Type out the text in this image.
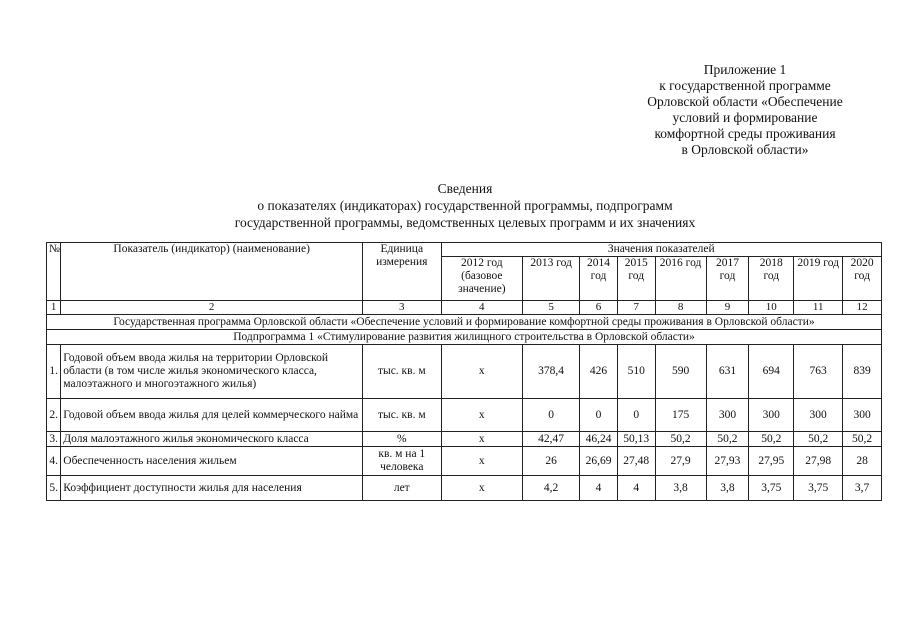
Приложение 1
к государственной программе
Орловской области «Обеспечение
условий и формирование
комфортной среды проживания
в Орловской области»
Сведения
о показателях (индикаторах) государственной программы, подпрограмм
государственной программы, ведомственных целевых программ и их значениях
№	Показатель (индикатор) (наименование)	Единица измерения	Значения показателей								
			2012 год (базовое значение)	2013 год	2014 год	2015 год	2016 год	2017 год	2018 год	2019 год	2020 год
1	2	3	4	5	6	7	8	9	10	11	12
Государственная программа Орловской области «Обеспечение условий и формирование комфортной среды проживания в Орловской области»											
Подпрограмма 1 «Стимулирование развития жилищного строительства в Орловской области»											
1.	Годовой объем ввода жилья на территории Орловской области (в том числе жилья экономического класса, малоэтажного и многоэтажного жилья)	тыс. кв. м	х	378,4	426	510	590	631	694	763	839
2.	Годовой объем ввода жилья для целей коммерческого найма	тыс. кв. м	х	0	0	0	175	300	300	300	300
3.	Доля малоэтажного жилья экономического класса	%	х	42,47	46,24	50,13	50,2	50,2	50,2	50,2	50,2
4.	Обеспеченность населения жильем	кв. м на 1 человека	х	26	26,69	27,48	27,9	27,93	27,95	27,98	28
5.	Коэффициент доступности жилья для населения	лет	х	4,2	4	4	3,8	3,8	3,75	3,75	3,7
